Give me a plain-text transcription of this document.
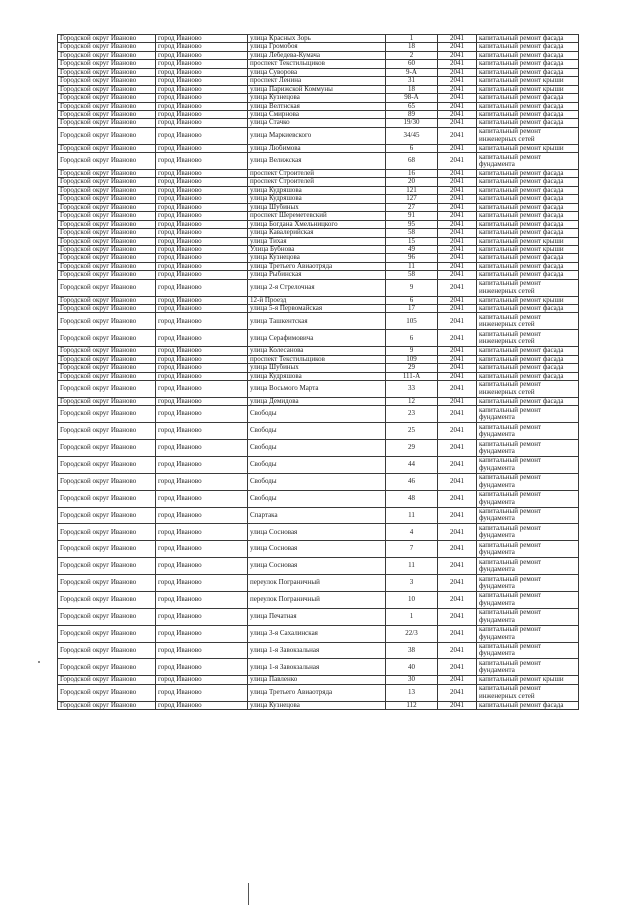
Городской округ Иваново	город Иваново	улица Красных Зорь	1	2041	капитальный ремонт фасада
Городской округ Иваново	город Иваново	улица Громобоя	18	2041	капитальный ремонт фасада
Городской округ Иваново	город Иваново	улица Лебедева-Кумача	2	2041	капитальный ремонт фасада
Городской округ Иваново	город Иваново	проспект Текстильщиков	60	2041	капитальный ремонт фасада
Городской округ Иваново	город Иваново	улица Суворова	9-А	2041	капитальный ремонт фасада
Городской округ Иваново	город Иваново	проспект Ленина	31	2041	капитальный ремонт крыши
Городской округ Иваново	город Иваново	улица Парижской Коммуны	18	2041	капитальный ремонт крыши
Городской округ Иваново	город Иваново	улица Кузнецова	98-А	2041	капитальный ремонт фасада
Городской округ Иваново	город Иваново	улица Велтнская	65	2041	капитальный ремонт фасада
Городской округ Иваново	город Иваново	улица Смирнова	89	2041	капитальный ремонт фасада
Городской округ Иваново	город Иваново	улица Стачко	19/30	2041	капитальный ремонт фасада
Городской округ Иваново	город Иваново	улица Маркиевского	34/45	2041	капитальный ремонт инженерных сетей
Городской округ Иваново	город Иваново	улица Любимова	6	2041	капитальный ремонт крыши
Городской округ Иваново	город Иваново	улица Велижская	68	2041	капитальный ремонт фундамента
Городской округ Иваново	город Иваново	проспект Строителей	16	2041	капитальный ремонт фасада
Городской округ Иваново	город Иваново	проспект Строителей	20	2041	капитальный ремонт фасада
Городской округ Иваново	город Иваново	улица Кудряшова	121	2041	капитальный ремонт фасада
Городской округ Иваново	город Иваново	улица Кудряшова	127	2041	капитальный ремонт фасада
Городской округ Иваново	город Иваново	улица Шубиных	27	2041	капитальный ремонт фасада
Городской округ Иваново	город Иваново	проспект Шереметевский	91	2041	капитальный ремонт фасада
Городской округ Иваново	город Иваново	улица Богдана Хмельницкого	95	2041	капитальный ремонт фасада
Городской округ Иваново	город Иваново	улица Кавалерийская	58	2041	капитальный ремонт фасада
Городской округ Иваново	город Иваново	улица Тихая	15	2041	капитальный ремонт крыши
Городской округ Иваново	город Иваново	Улица Бубнова	49	2041	капитальный ремонт крыши
Городской округ Иваново	город Иваново	улица Кузнецова	96	2041	капитальный ремонт фасада
Городской округ Иваново	город Иваново	улица Третьего Авиаотряда	11	2041	капитальный ремонт фасада
Городской округ Иваново	город Иваново	улица Рыбинская	58	2041	капитальный ремонт фасада
Городской округ Иваново	город Иваново	улица 2-я Стрелочная	9	2041	капитальный ремонт инженерных сетей
Городской округ Иваново	город Иваново	12-й Проезд	6	2041	капитальный ремонт крыши
Городской округ Иваново	город Иваново	улица 5-я Первомайская	17	2041	капитальный ремонт фасада
Городской округ Иваново	город Иваново	улица Ташкентская	105	2041	капитальный ремонт инженерных сетей
Городской округ Иваново	город Иваново	улица Серафимовича	6	2041	капитальный ремонт инженерных сетей
Городской округ Иваново	город Иваново	улица Колесанова	9	2041	капитальный ремонт фасада
Городской округ Иваново	город Иваново	проспект Текстильщиков	109	2041	капитальный ремонт фасада
Городской округ Иваново	город Иваново	улица Шубиных	29	2041	капитальный ремонт фасада
Городской округ Иваново	город Иваново	улица Кудряшова	111-А	2041	капитальный ремонт фасада
Городской округ Иваново	город Иваново	улица Восьмого Марта	33	2041	капитальный ремонт инженерных сетей
Городской округ Иваново	город Иваново	улица Демидова	12	2041	капитальный ремонт фасада
Городской округ Иваново	город Иваново	Свободы	23	2041	капитальный ремонт фундамента
Городской округ Иваново	город Иваново	Свободы	25	2041	капитальный ремонт фундамента
Городской округ Иваново	город Иваново	Свободы	29	2041	капитальный ремонт фундамента
Городской округ Иваново	город Иваново	Свободы	44	2041	капитальный ремонт фундамента
Городской округ Иваново	город Иваново	Свободы	46	2041	капитальный ремонт фундамента
Городской округ Иваново	город Иваново	Свободы	48	2041	капитальный ремонт фундамента
Городской округ Иваново	город Иваново	Спартака	11	2041	капитальный ремонт фундамента
Городской округ Иваново	город Иваново	улица Сосновая	4	2041	капитальный ремонт фундамента
Городской округ Иваново	город Иваново	улица Сосновая	7	2041	капитальный ремонт фундамента
Городской округ Иваново	город Иваново	улица Сосновая	11	2041	капитальный ремонт фундамента
Городской округ Иваново	город Иваново	переулок Пограничный	3	2041	капитальный ремонт фундамента
Городской округ Иваново	город Иваново	переулок Пограничный	10	2041	капитальный ремонт фундамента
Городской округ Иваново	город Иваново	улица Печатная	1	2041	капитальный ремонт фундамента
Городской округ Иваново	город Иваново	улица 3-я Сахалинская	22/3	2041	капитальный ремонт фундамента
Городской округ Иваново	город Иваново	улица 1-я Завокзальная	38	2041	капитальный ремонт фундамента
Городской округ Иваново	город Иваново	улица 1-я Завокзальная	40	2041	капитальный ремонт фундамента
Городской округ Иваново	город Иваново	улица Павленко	30	2041	капитальный ремонт крыши
Городской округ Иваново	город Иваново	улица Третьего Авиаотряда	13	2041	капитальный ремонт инженерных сетей
Городской округ Иваново	город Иваново	улица Кузнецова	112	2041	капитальный ремонт фасада
